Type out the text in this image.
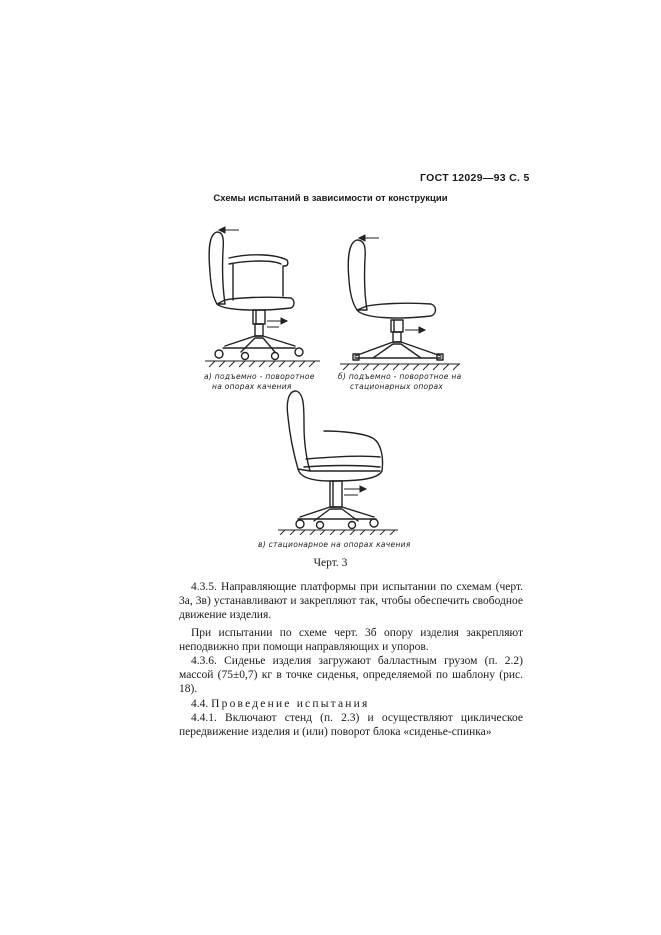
ГОСТ 12029—93 С. 5
Схемы испытаний в зависимости от конструкции
а) подъемно - поворотное
на опорах качения
б) подъемно - поворотное на
стационарных опорах
в) стационарное на опорах качения
Черт. 3

4.3.5. Направляющие платформы при испытании по схемам (черт. 3а, 3в) устанавливают и закрепляют так, чтобы обеспечить свободное движение изделия.

При испытании по схеме черт. 3б опору изделия закрепляют неподвижно при помощи направляющих и упоров.

4.3.6. Сиденье изделия загружают балластным грузом (п. 2.2) массой (75±0,7) кг в точке сиденья, определяемой по шаблону (рис. 18).

4.4. Проведение испытания

4.4.1. Включают стенд (п. 2.3) и осуществляют циклическое передвижение изделия и (или) поворот блока «сиденье-спинка»
